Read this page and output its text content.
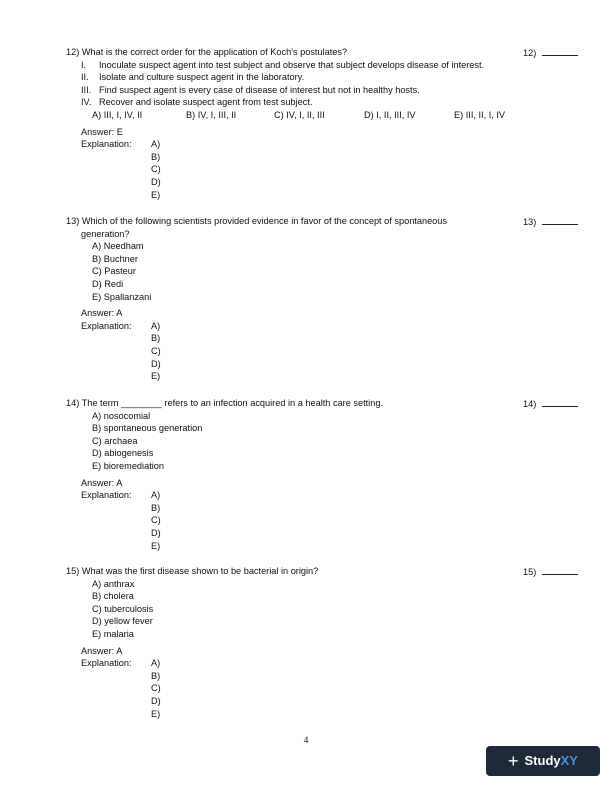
12) What is the correct order for the application of Koch's postulates?
I. Inoculate suspect agent into test subject and observe that subject develops disease of interest.
II. Isolate and culture suspect agent in the laboratory.
III. Find suspect agent is every case of disease of interest but not in healthy hosts.
IV. Recover and isolate suspect agent from test subject.
A) III, I, IV, II	B) IV, I, III, II	C) IV, I, II, III	D) I, II, III, IV	E) III, II, I, IV
Answer: E
Explanation:	A)
B)
C)
D)
E)
12)
13) Which of the following scientists provided evidence in favor of the concept of spontaneous
generation?
A) Needham
B) Buchner
C) Pasteur
D) Redi
E) Spallanzani
Answer: A
Explanation:	A)
B)
C)
D)
E)
13)
14) The term ________ refers to an infection acquired in a health care setting.
A) nosocomial
B) spontaneous generation
C) archaea
D) abiogenesis
E) bioremediation
Answer: A
Explanation:	A)
B)
C)
D)
E)
14)
15) What was the first disease shown to be bacterial in origin?
A) anthrax
B) cholera
C) tuberculosis
D) yellow fever
E) malaria
Answer: A
Explanation:	A)
B)
C)
D)
E)
15)
4
+ Study XY
